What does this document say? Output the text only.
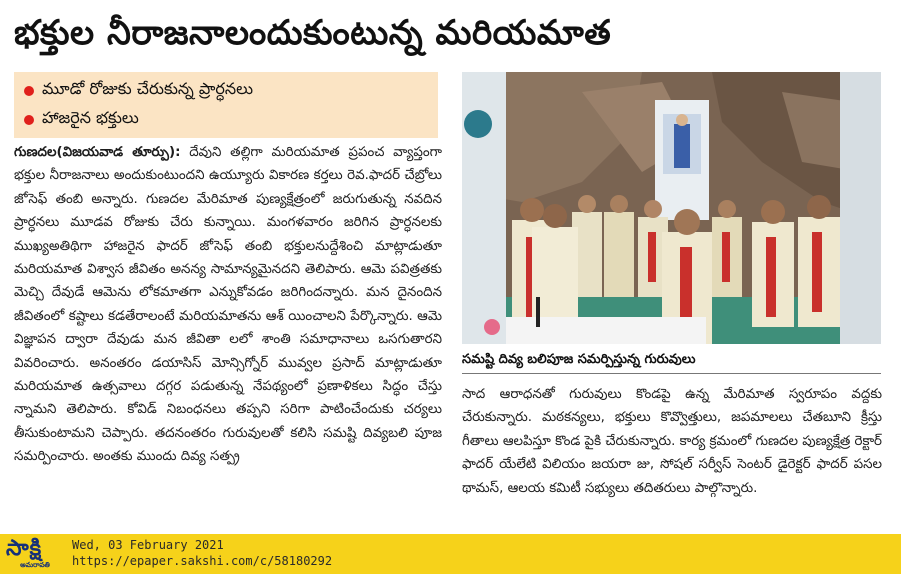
భక్తుల నీరాజనాలందుకుంటున్న మరియమాత
మూడో రోజుకు చేరుకున్న ప్రార్ధనలు
హాజరైన భక్తులు
గుణదల(విజయవాడ తూర్పు): దేవుని తల్లిగా మరియమాత ప్రపంచ వ్యాప్తంగా భక్తుల నీరాజనాలు అందుకుంటుందని ఉయ్యూరు వికారణ కర్తలు రెవ.ఫాదర్ చేబ్రోలు జోసెఫ్ తంబి అన్నారు. గుణదల మేరిమాత పుణ్యక్షేత్రంలో జరుగుతున్న నవదిన ప్రార్ధనలు మూడవ రోజుకు చేరు కున్నాయి. మంగళవారం జరిగిన ప్రార్ధనలకు ముఖ్యఅతిథిగా హాజరైన ఫాదర్ జోసెఫ్ తంబి భక్తులనుద్దేశించి మాట్లాడుతూ మరియమాత విశ్వాస జీవితం అనన్య సామాన్యమైనదని తెలిపారు. ఆమె పవిత్రతకు మెచ్చి దేవుడే ఆమెను లోకమాతగా ఎన్నుకోవడం జరిగిందన్నారు. మన దైనందిన జీవితంలో కష్టాలు కడతేరాలంటే మరియమాతను ఆశ్ యించాలని పేర్కొన్నారు. ఆమె విజ్ఞాపన ద్వారా దేవుడు మన జీవితా లలో శాంతి సమాధానాలు ఒసగుతారని వివరించారు. అనంతరం డయాసిస్ మోన్సిగ్నోర్ మువ్వల ప్రసాద్ మాట్లాడుతూ మరియమాత ఉత్సవాలు దగ్గర పడుతున్న నేపథ్యంలో ప్రణాళికలు సిద్ధం చేస్తు న్నామని తెలిపారు. కోవిడ్ నిబంధనలు తప్పని సరిగా పాటించేందుకు చర్యలు తీసుకుంటామని చెప్పారు. తదనంతరం గురువులతో కలిసి సమష్టి దివ్యబలి పూజ సమర్పించారు. అంతకు ముందు దివ్య సత్ప్ర
సమష్టి దివ్య బలిపూజ సమర్పిస్తున్న గురువులు
సాద ఆరాధనతో గురువులు కొండపై ఉన్న మేరిమాత స్వరూపం వద్దకు చేరుకున్నారు. మఠకన్యలు, భక్తులు కొవ్వొత్తులు, జపమాలలు చేతబూని క్రీస్తు గీతాలు ఆలపిస్తూ కొండ పైకి చేరుకున్నారు. కార్య క్రమంలో గుణదల పుణ్యక్షేత్ర రెక్టార్ ఫాదర్ యేలేటి విలియం జయరా జు, సోషల్ సర్వీస్ సెంటర్ డైరెక్టర్ ఫాదర్ పసల థామస్, ఆలయ కమిటీ సభ్యులు తదితరులు పాల్గొన్నారు.
సాక్షి
అమరావతి
Wed, 03 February 2021
https://epaper.sakshi.com/c/58180292
